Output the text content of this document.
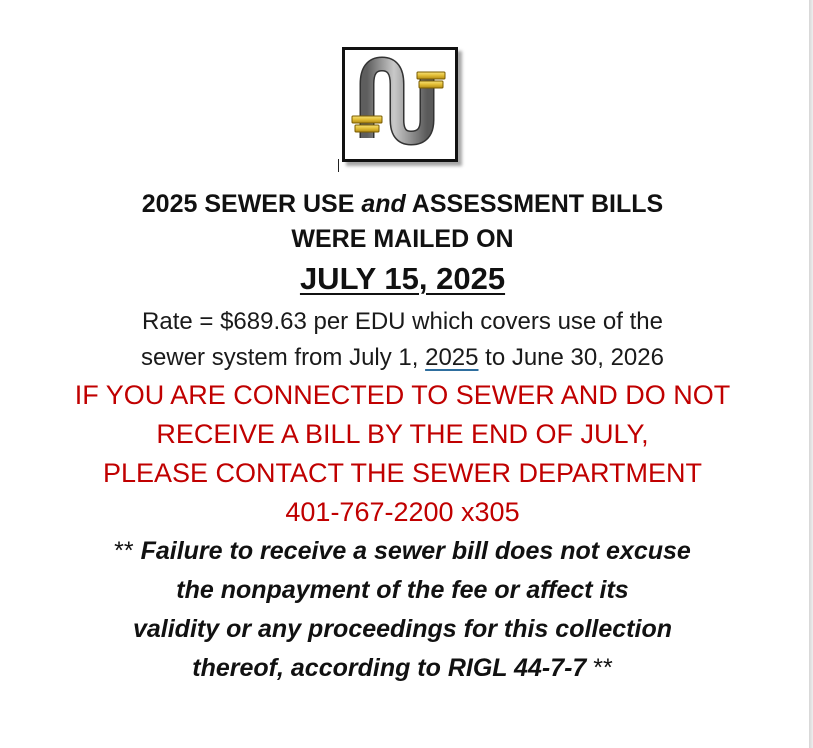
2025 SEWER USE and ASSESSMENT BILLS
WERE MAILED ON
JULY 15, 2025
Rate = $689.63 per EDU which covers use of the
sewer system from July 1, 2025 to June 30, 2026
IF YOU ARE CONNECTED TO SEWER AND DO NOT
RECEIVE A BILL BY THE END OF JULY,
PLEASE CONTACT THE SEWER DEPARTMENT
401-767-2200 x305
** Failure to receive a sewer bill does not excuse
the nonpayment of the fee or affect its
validity or any proceedings for this collection
thereof, according to RIGL 44-7-7 **
